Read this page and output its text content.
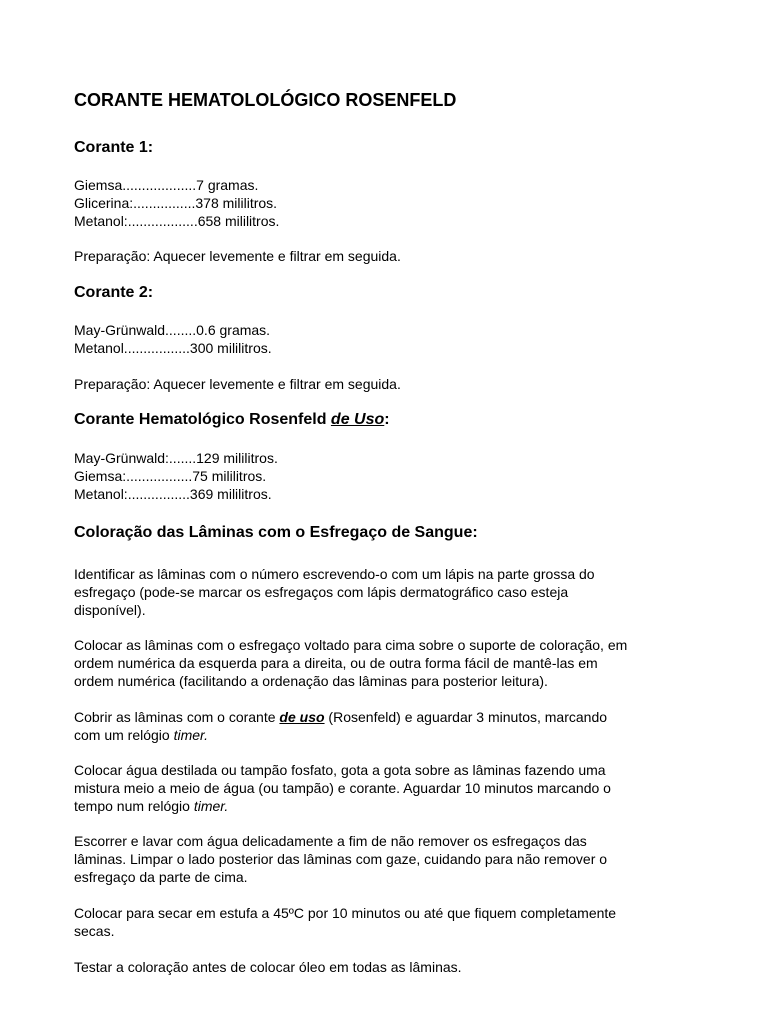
CORANTE HEMATOLOLÓGICO ROSENFELD
Corante 1:
Giemsa...................7 gramas.
Glicerina:................378 mililitros.
Metanol:..................658 mililitros.
Preparação: Aquecer levemente e filtrar em seguida.
Corante 2:
May-Grünwald........0.6 gramas.
Metanol.................300 mililitros.
Preparação: Aquecer levemente e filtrar em seguida.
Corante Hematológico Rosenfeld de Uso:
May-Grünwald:.......129 mililitros.
Giemsa:.................75 mililitros.
Metanol:................369 mililitros.
Coloração das Lâminas com o Esfregaço de Sangue:
Identificar as lâminas com o número escrevendo-o com um lápis na parte grossa do
esfregaço (pode-se marcar os esfregaços com lápis dermatográfico caso esteja
disponível).
Colocar as lâminas com o esfregaço voltado para cima sobre o suporte de coloração, em
ordem numérica da esquerda para a direita, ou de outra forma fácil de mantê-las em
ordem numérica (facilitando a ordenação das lâminas para posterior leitura).
Cobrir as lâminas com o corante de uso (Rosenfeld) e aguardar 3 minutos, marcando
com um relógio timer.
Colocar água destilada ou tampão fosfato, gota a gota sobre as lâminas fazendo uma
mistura meio a meio de água (ou tampão) e corante. Aguardar 10 minutos marcando o
tempo num relógio timer.
Escorrer e lavar com água delicadamente a fim de não remover os esfregaços das
lâminas. Limpar o lado posterior das lâminas com gaze, cuidando para não remover o
esfregaço da parte de cima.
Colocar para secar em estufa a 45ºC por 10 minutos ou até que fiquem completamente
secas.
Testar a coloração antes de colocar óleo em todas as lâminas.
